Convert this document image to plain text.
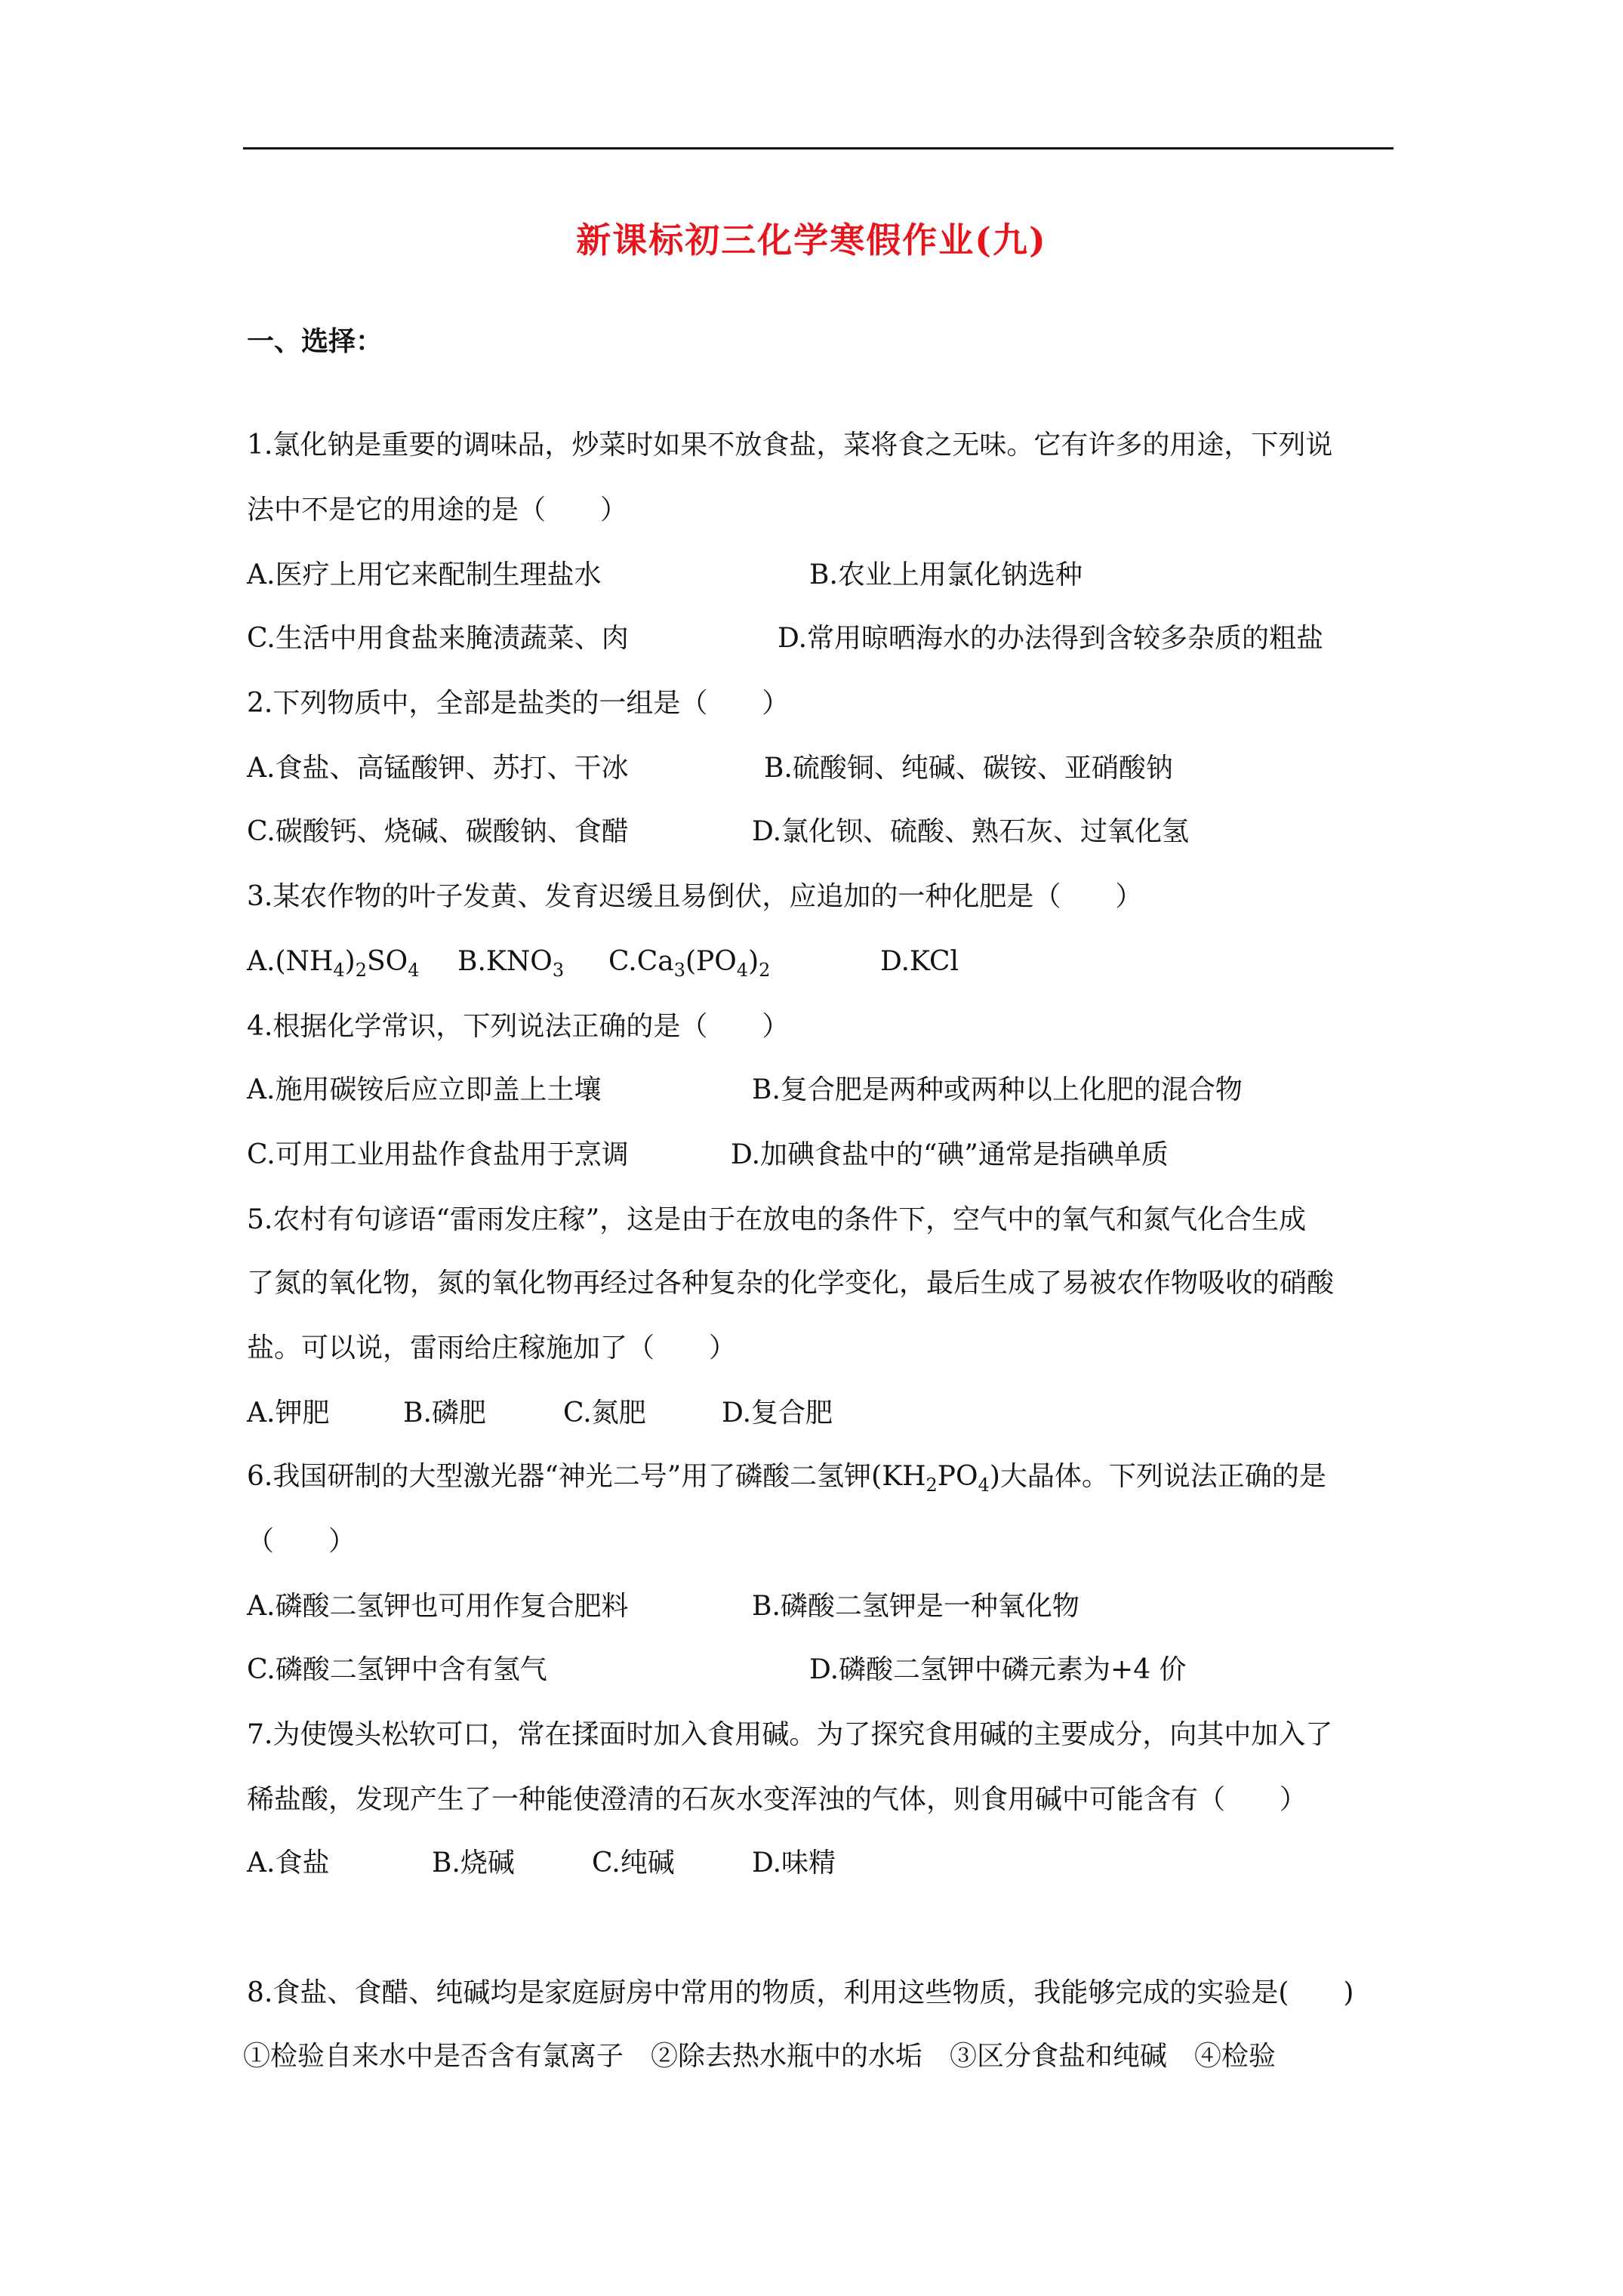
新课标初三化学寒假作业(九)
一、选择：
1.氯化钠是重要的调味品，炒菜时如果不放食盐，菜将食之无味。它有许多的用途，下列说
法中不是它的用途的是（　　）
A.医疗上用它来配制生理盐水	B.农业上用氯化钠选种
C.生活中用食盐来腌渍蔬菜、肉	D.常用晾晒海水的办法得到含较多杂质的粗盐
2.下列物质中，全部是盐类的一组是（　　）
A.食盐、高锰酸钾、苏打、干冰	B.硫酸铜、纯碱、碳铵、亚硝酸钠
C.碳酸钙、烧碱、碳酸钠、食醋	D.氯化钡、硫酸、熟石灰、过氧化氢
3.某农作物的叶子发黄、发育迟缓且易倒伏，应追加的一种化肥是（　　）
$A.(NH_4)_2SO_4$ $B.KNO_3$ $C.Ca_3(PO_4)_2$	D.KCl
4.根据化学常识，下列说法正确的是（　　）
A.施用碳铵后应立即盖上土壤	B.复合肥是两种或两种以上化肥的混合物
C.可用工业用盐作食盐用于烹调	D.加碘食盐中的“碘”通常是指碘单质
5.农村有句谚语“雷雨发庄稼”，这是由于在放电的条件下，空气中的氧气和氮气化合生成
了氮的氧化物，氮的氧化物再经过各种复杂的化学变化，最后生成了易被农作物吸收的硝酸
盐。可以说，雷雨给庄稼施加了（　　）
A.钾肥	B.磷肥	C.氮肥	D.复合肥
6.我国研制的大型激光器“神光二号”用了磷酸二氢钾$(KH_2PO_4)$大晶体。下列说法正确的是
（　　）
A.磷酸二氢钾也可用作复合肥料	B.磷酸二氢钾是一种氧化物
C.磷酸二氢钾中含有氢气	D.磷酸二氢钾中磷元素为+4 价
7.为使馒头松软可口，常在揉面时加入食用碱。为了探究食用碱的主要成分，向其中加入了
稀盐酸，发现产生了一种能使澄清的石灰水变浑浊的气体，则食用碱中可能含有（　　）
A.食盐	B.烧碱	C.纯碱	D.味精
8.食盐、食醋、纯碱均是家庭厨房中常用的物质，利用这些物质，我能够完成的实验是(　　)
①检验自来水中是否含有氯离子　②除去热水瓶中的水垢　③区分食盐和纯碱　④检验
